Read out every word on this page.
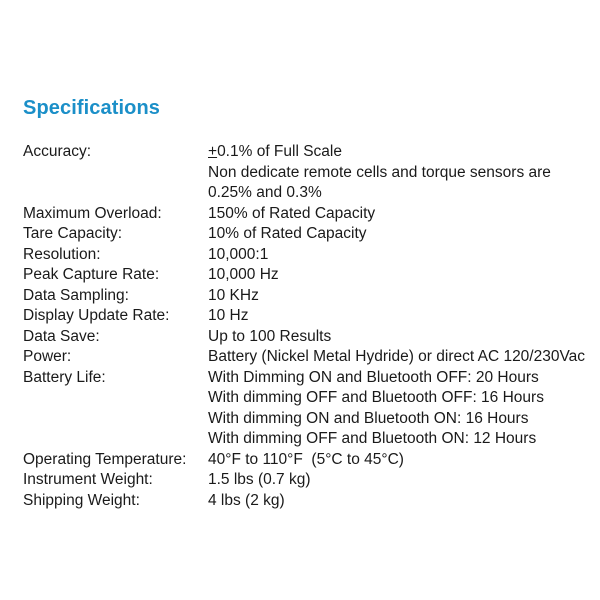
Specifications
Accuracy:	+0.1% of Full Scale
Non dedicate remote cells and torque sensors are
0.25% and 0.3%
Maximum Overload:	150% of Rated Capacity
Tare Capacity:	10% of Rated Capacity
Resolution:	10,000:1
Peak Capture Rate:	10,000 Hz
Data Sampling:	10 KHz
Display Update Rate:	10 Hz
Data Save:	Up to 100 Results
Power:	Battery (Nickel Metal Hydride) or direct AC 120/230Vac
Battery Life:	With Dimming ON and Bluetooth OFF: 20 Hours
With dimming OFF and Bluetooth OFF: 16 Hours
With dimming ON and Bluetooth ON: 16 Hours
With dimming OFF and Bluetooth ON: 12 Hours
Operating Temperature:	40°F to 110°F  (5°C to 45°C)
Instrument Weight:	1.5 lbs (0.7 kg)
Shipping Weight:	4 lbs (2 kg)
